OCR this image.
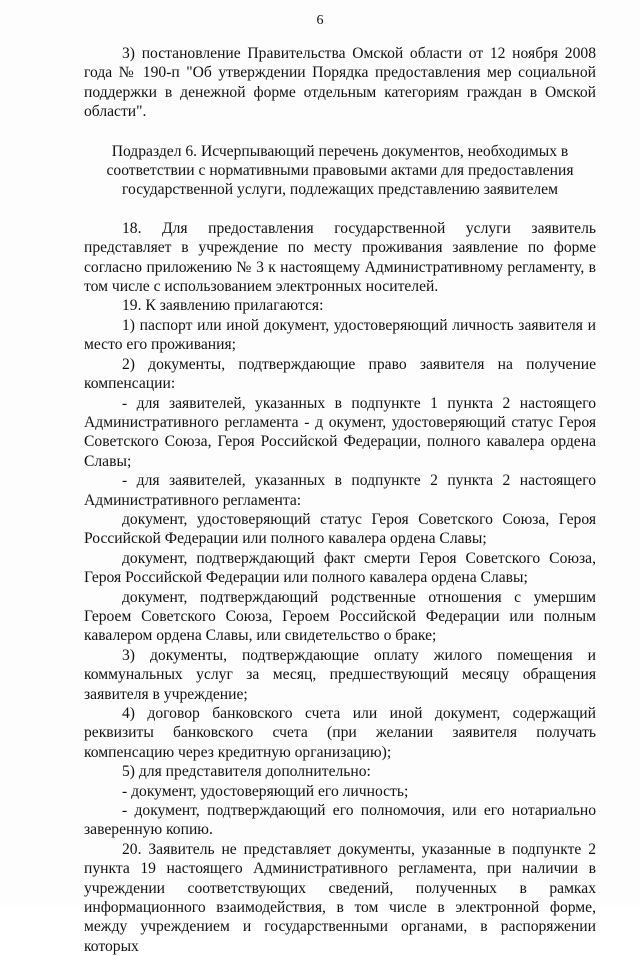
6

3) постановление Правительства Омской области от 12 ноября 2008 года № 190-п "Об утверждении Порядка предоставления мер социальной поддержки в денежной форме отдельным категориям граждан в Омской области".

Подраздел 6. Исчерпывающий перечень документов, необходимых в соответствии с нормативными правовыми актами для предоставления государственной услуги, подлежащих представлению заявителем

18. Для предоставления государственной услуги заявитель представляет в учреждение по месту проживания заявление по форме согласно приложению № 3 к настоящему Административному регламенту, в том числе с использованием электронных носителей.

19. К заявлению прилагаются:

1) паспорт или иной документ, удостоверяющий личность заявителя и место его проживания;

2) документы, подтверждающие право заявителя на получение компенсации:

- для заявителей, указанных в подпункте 1 пункта 2 настоящего Административного регламента - д окумент, удостоверяющий статус Героя Советского Союза, Героя Российской Федерации, полного кавалера ордена Славы;

- для заявителей, указанных в подпункте 2 пункта 2 настоящего Административного регламента:

документ, удостоверяющий статус Героя Советского Союза, Героя Российской Федерации или полного кавалера ордена Славы;

документ, подтверждающий факт смерти Героя Советского Союза, Героя Российской Федерации или полного кавалера ордена Славы;

документ, подтверждающий родственные отношения с умершим Героем Советского Союза, Героем Российской Федерации или полным кавалером ордена Славы, или свидетельство о браке;

3) документы, подтверждающие оплату жилого помещения и коммунальных услуг за месяц, предшествующий месяцу обращения заявителя в учреждение;

4) договор банковского счета или иной документ, содержащий реквизиты банковского счета (при желании заявителя получать компенсацию через кредитную организацию);

5) для представителя дополнительно:

- документ, удостоверяющий его личность;

- документ, подтверждающий его полномочия, или его нотариально заверенную копию.

20. Заявитель не представляет документы, указанные в подпункте 2 пункта 19 настоящего Административного регламента, при наличии в учреждении соответствующих сведений, полученных в рамках информационного взаимодействия, в том числе в электронной форме, между учреждением и государственными органами, в распоряжении которых
